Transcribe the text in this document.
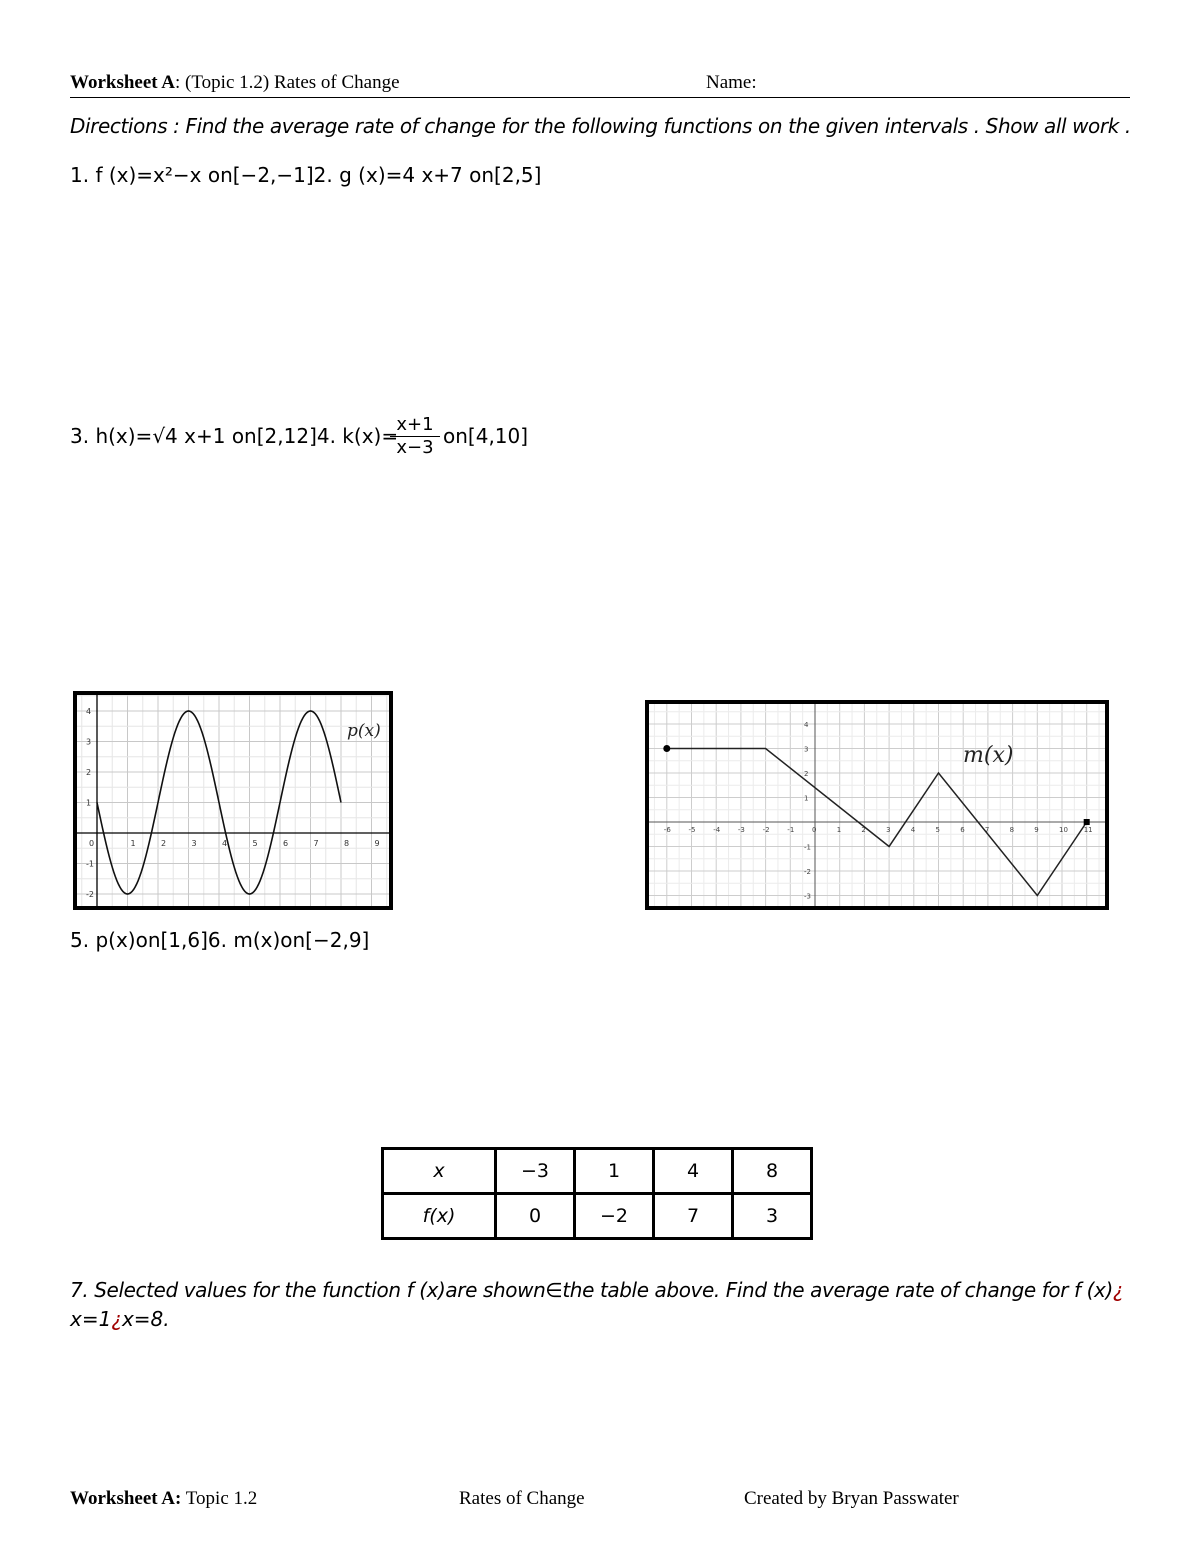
Worksheet A: (Topic 1.2) Rates of Change	Name:
Directions : Find the average rate of change for the following functions on the given intervals . Show all work .
1. f (x)=x²−x on[−2,−1]2. g (x)=4 x+7 on[2,5]
3. h(x)=√4 x+1 on[2,12]4. k(x)=
$\frac{x+1}{x-3} on[4,10]$
0	1	2	3	4	5	6	7	8	9
4
3
2
1
-1
-2
p(x)
-6	-5	-4	-3	-2	-1	0	1	2	3	4	5	6	7	8	9	10 11
4
3
2
1
-1
-2
-3
m(x)
5. p(x)on[1,6]6. m(x)on[−2,9]
x	−3	1	4	8
f(x)	0	−2	7	3
7. Selected values for the function f (x)are shown∈the table above. Find the average rate of change for f (x)¿
x=1¿x=8.
Worksheet A: Topic 1.2	Rates of Change	Created by Bryan Passwater
